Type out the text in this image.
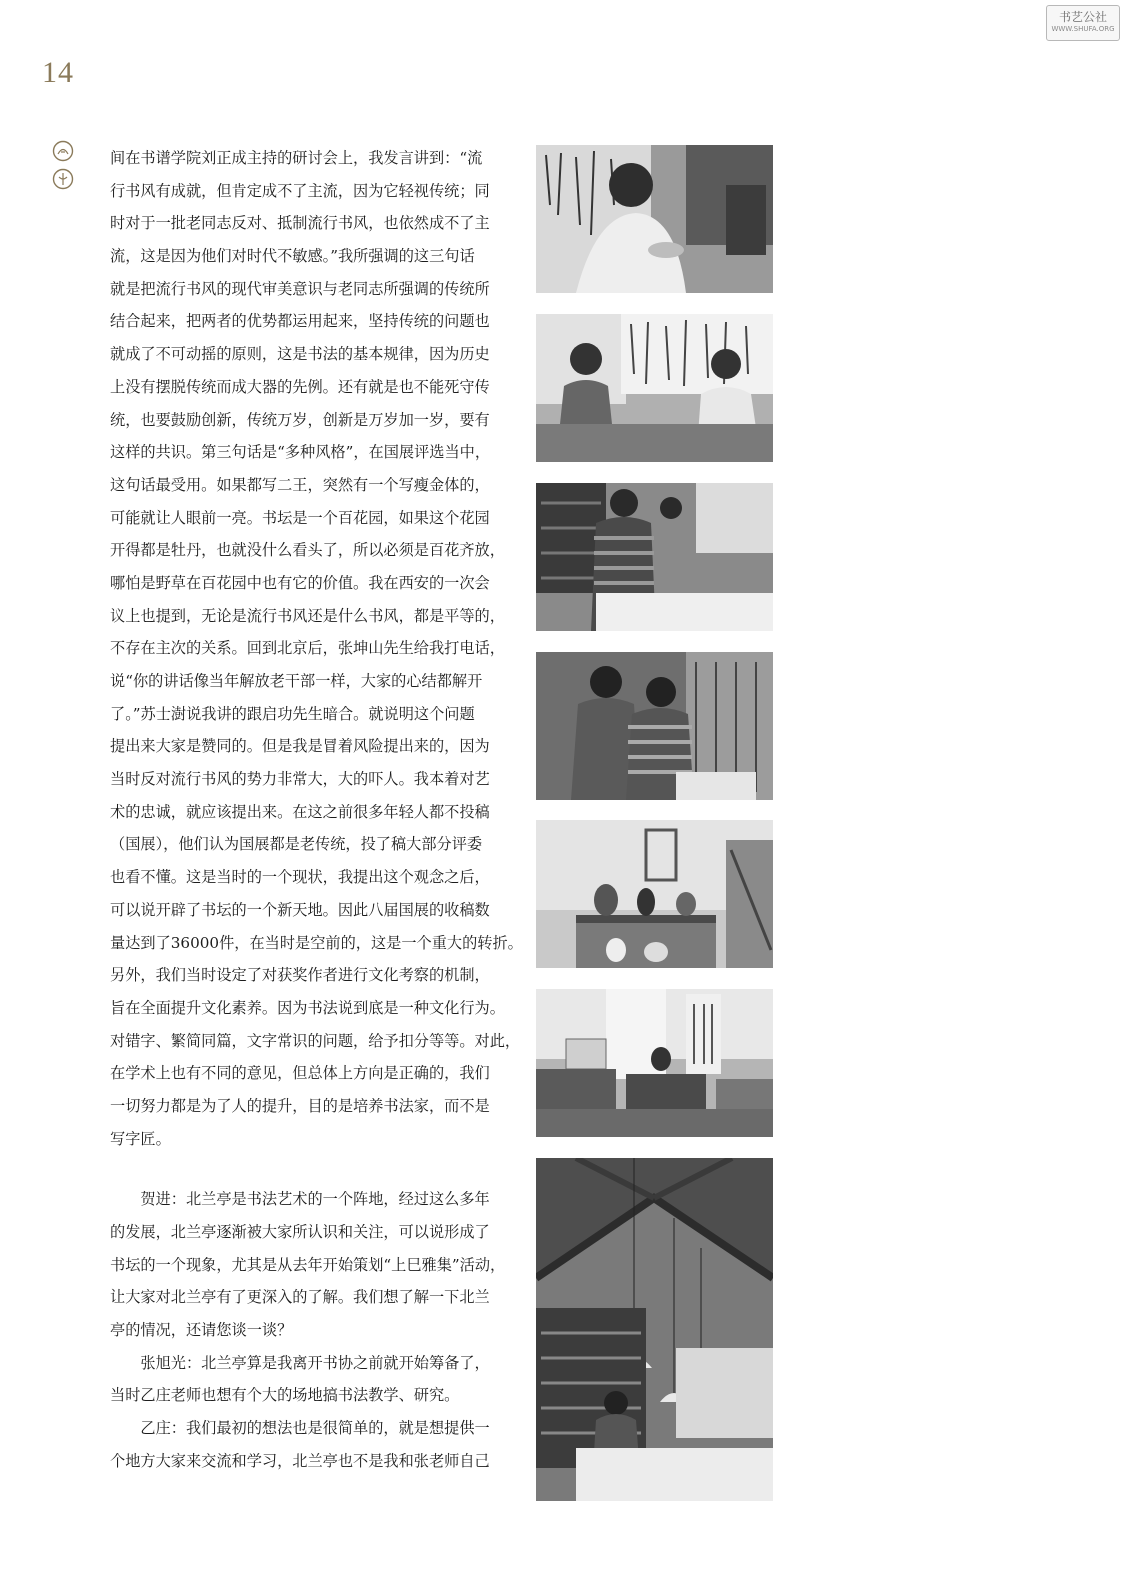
14
书艺公社
WWW.SHUFA.ORG
间在书谱学院刘正成主持的研讨会上，我发言讲到：“流
行书风有成就，但肯定成不了主流，因为它轻视传统；同
时对于一批老同志反对、抵制流行书风，也依然成不了主
流，这是因为他们对时代不敏感。”我所强调的这三句话
就是把流行书风的现代审美意识与老同志所强调的传统所
结合起来，把两者的优势都运用起来，坚持传统的问题也
就成了不可动摇的原则，这是书法的基本规律，因为历史
上没有摆脱传统而成大器的先例。还有就是也不能死守传
统，也要鼓励创新，传统万岁，创新是万岁加一岁，要有
这样的共识。第三句话是“多种风格”，在国展评选当中，
这句话最受用。如果都写二王，突然有一个写瘦金体的，
可能就让人眼前一亮。书坛是一个百花园，如果这个花园
开得都是牡丹，也就没什么看头了，所以必须是百花齐放，
哪怕是野草在百花园中也有它的价值。我在西安的一次会
议上也提到，无论是流行书风还是什么书风，都是平等的，
不存在主次的关系。回到北京后，张坤山先生给我打电话，
说“你的讲话像当年解放老干部一样，大家的心结都解开
了。”苏士澍说我讲的跟启功先生暗合。就说明这个问题
提出来大家是赞同的。但是我是冒着风险提出来的，因为
当时反对流行书风的势力非常大，大的吓人。我本着对艺
术的忠诚，就应该提出来。在这之前很多年轻人都不投稿
（国展），他们认为国展都是老传统，投了稿大部分评委
也看不懂。这是当时的一个现状，我提出这个观念之后，
可以说开辟了书坛的一个新天地。因此八届国展的收稿数
量达到了36000件，在当时是空前的，这是一个重大的转折。
另外，我们当时设定了对获奖作者进行文化考察的机制，
旨在全面提升文化素养。因为书法说到底是一种文化行为。
对错字、繁简同篇，文字常识的问题，给予扣分等等。对此，
在学术上也有不同的意见，但总体上方向是正确的，我们
一切努力都是为了人的提升，目的是培养书法家，而不是
写字匠。
　　贺进：北兰亭是书法艺术的一个阵地，经过这么多年
的发展，北兰亭逐渐被大家所认识和关注，可以说形成了
书坛的一个现象，尤其是从去年开始策划“上巳雅集”活动，
让大家对北兰亭有了更深入的了解。我们想了解一下北兰
亭的情况，还请您谈一谈？
　　张旭光：北兰亭算是我离开书协之前就开始筹备了，
当时乙庄老师也想有个大的场地搞书法教学、研究。
　　乙庄：我们最初的想法也是很简单的，就是想提供一
个地方大家来交流和学习，北兰亭也不是我和张老师自己
